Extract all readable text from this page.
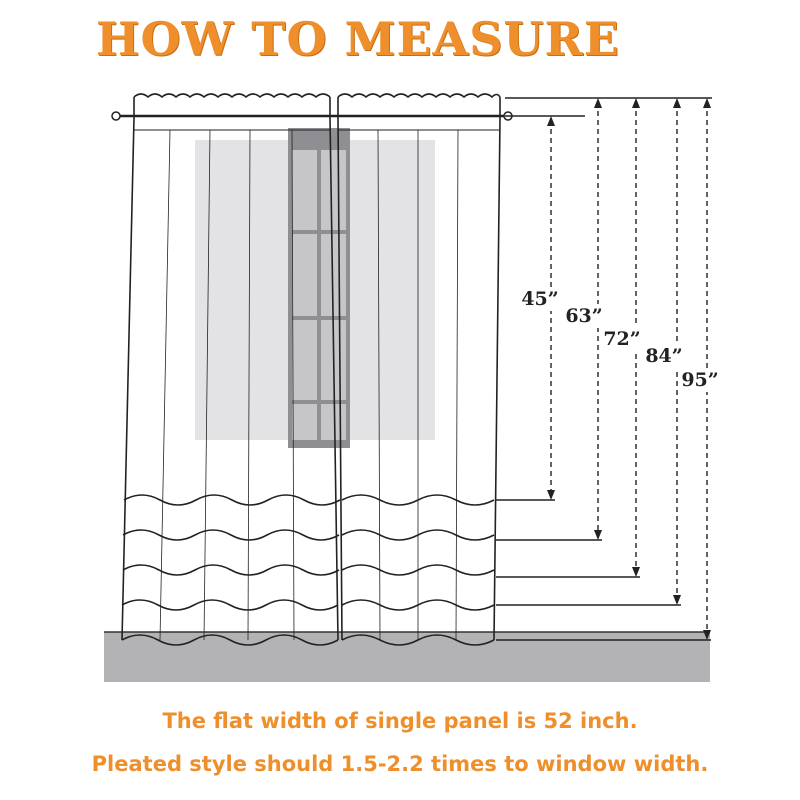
HOW TO MEASURE
45”
63”
72”
84”
95”
The flat width of single panel is 52 inch.
Pleated style should 1.5-2.2 times to window width.
